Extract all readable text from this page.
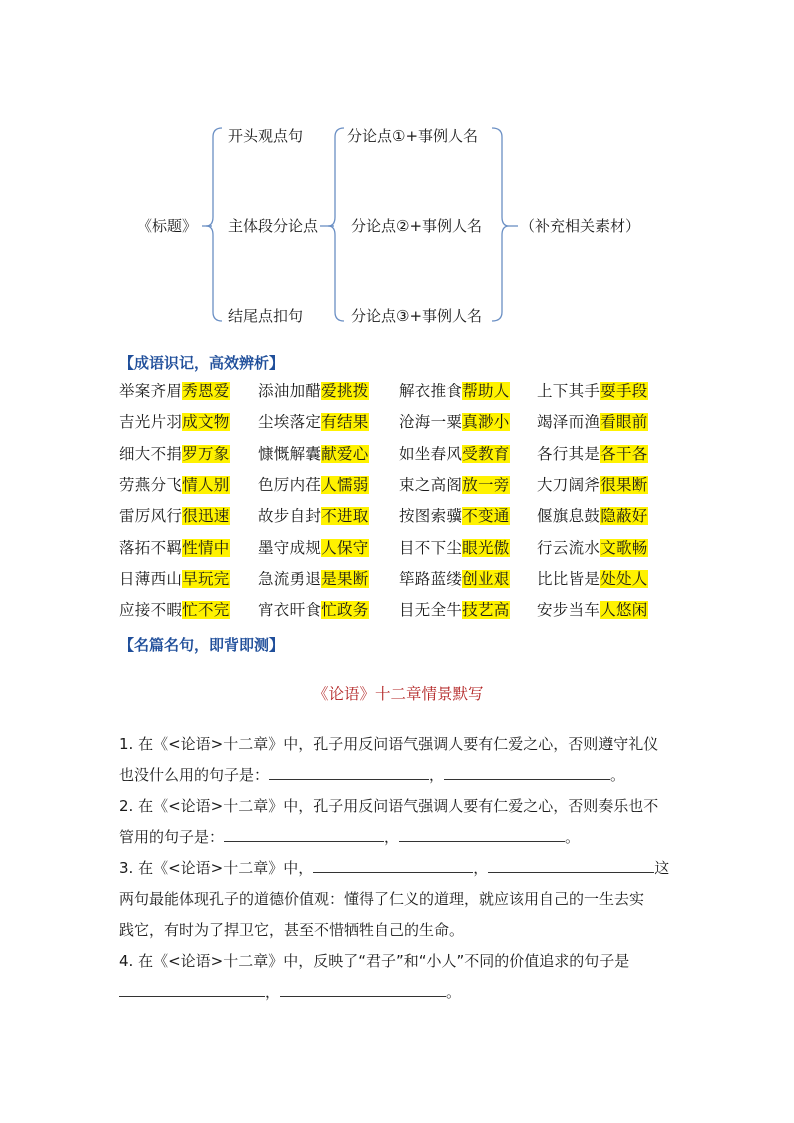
《标题》
开头观点句
主体段分论点
结尾点扣句
分论点①+事例人名
分论点②+事例人名
分论点③+事例人名
（补充相关素材）
【成语识记，高效辨析】
举案齐眉秀恩爱 添油加醋爱挑拨 解衣推食帮助人 上下其手耍手段
吉光片羽成文物 尘埃落定有结果 沧海一粟真渺小 竭泽而渔看眼前
细大不捐罗万象 慷慨解囊献爱心 如坐春风受教育 各行其是各干各
劳燕分飞情人别 色厉内荏人懦弱 束之高阁放一旁 大刀阔斧很果断
雷厉风行很迅速 故步自封不进取 按图索骥不变通 偃旗息鼓隐蔽好
落拓不羁性情中 墨守成规人保守 目不下尘眼光傲 行云流水文歌畅
日薄西山早玩完 急流勇退是果断 筚路蓝缕创业艰 比比皆是处处人
应接不暇忙不完 宵衣旰食忙政务 目无全牛技艺高 安步当车人悠闲
【名篇名句，即背即测】
《论语》十二章情景默写
1. 在《<论语>十二章》中，孔子用反问语气强调人要有仁爱之心，否则遵守礼仪
也没什么用的句子是：	，	。
2. 在《<论语>十二章》中，孔子用反问语气强调人要有仁爱之心，否则奏乐也不
管用的句子是：	，	。
3. 在《<论语>十二章》中，	，	这
两句最能体现孔子的道德价值观：懂得了仁义的道理，就应该用自己的一生去实
践它，有时为了捍卫它，甚至不惜牺牲自己的生命。
4. 在《<论语>十二章》中，反映了“君子”和“小人”不同的价值追求的句子是
，	。
